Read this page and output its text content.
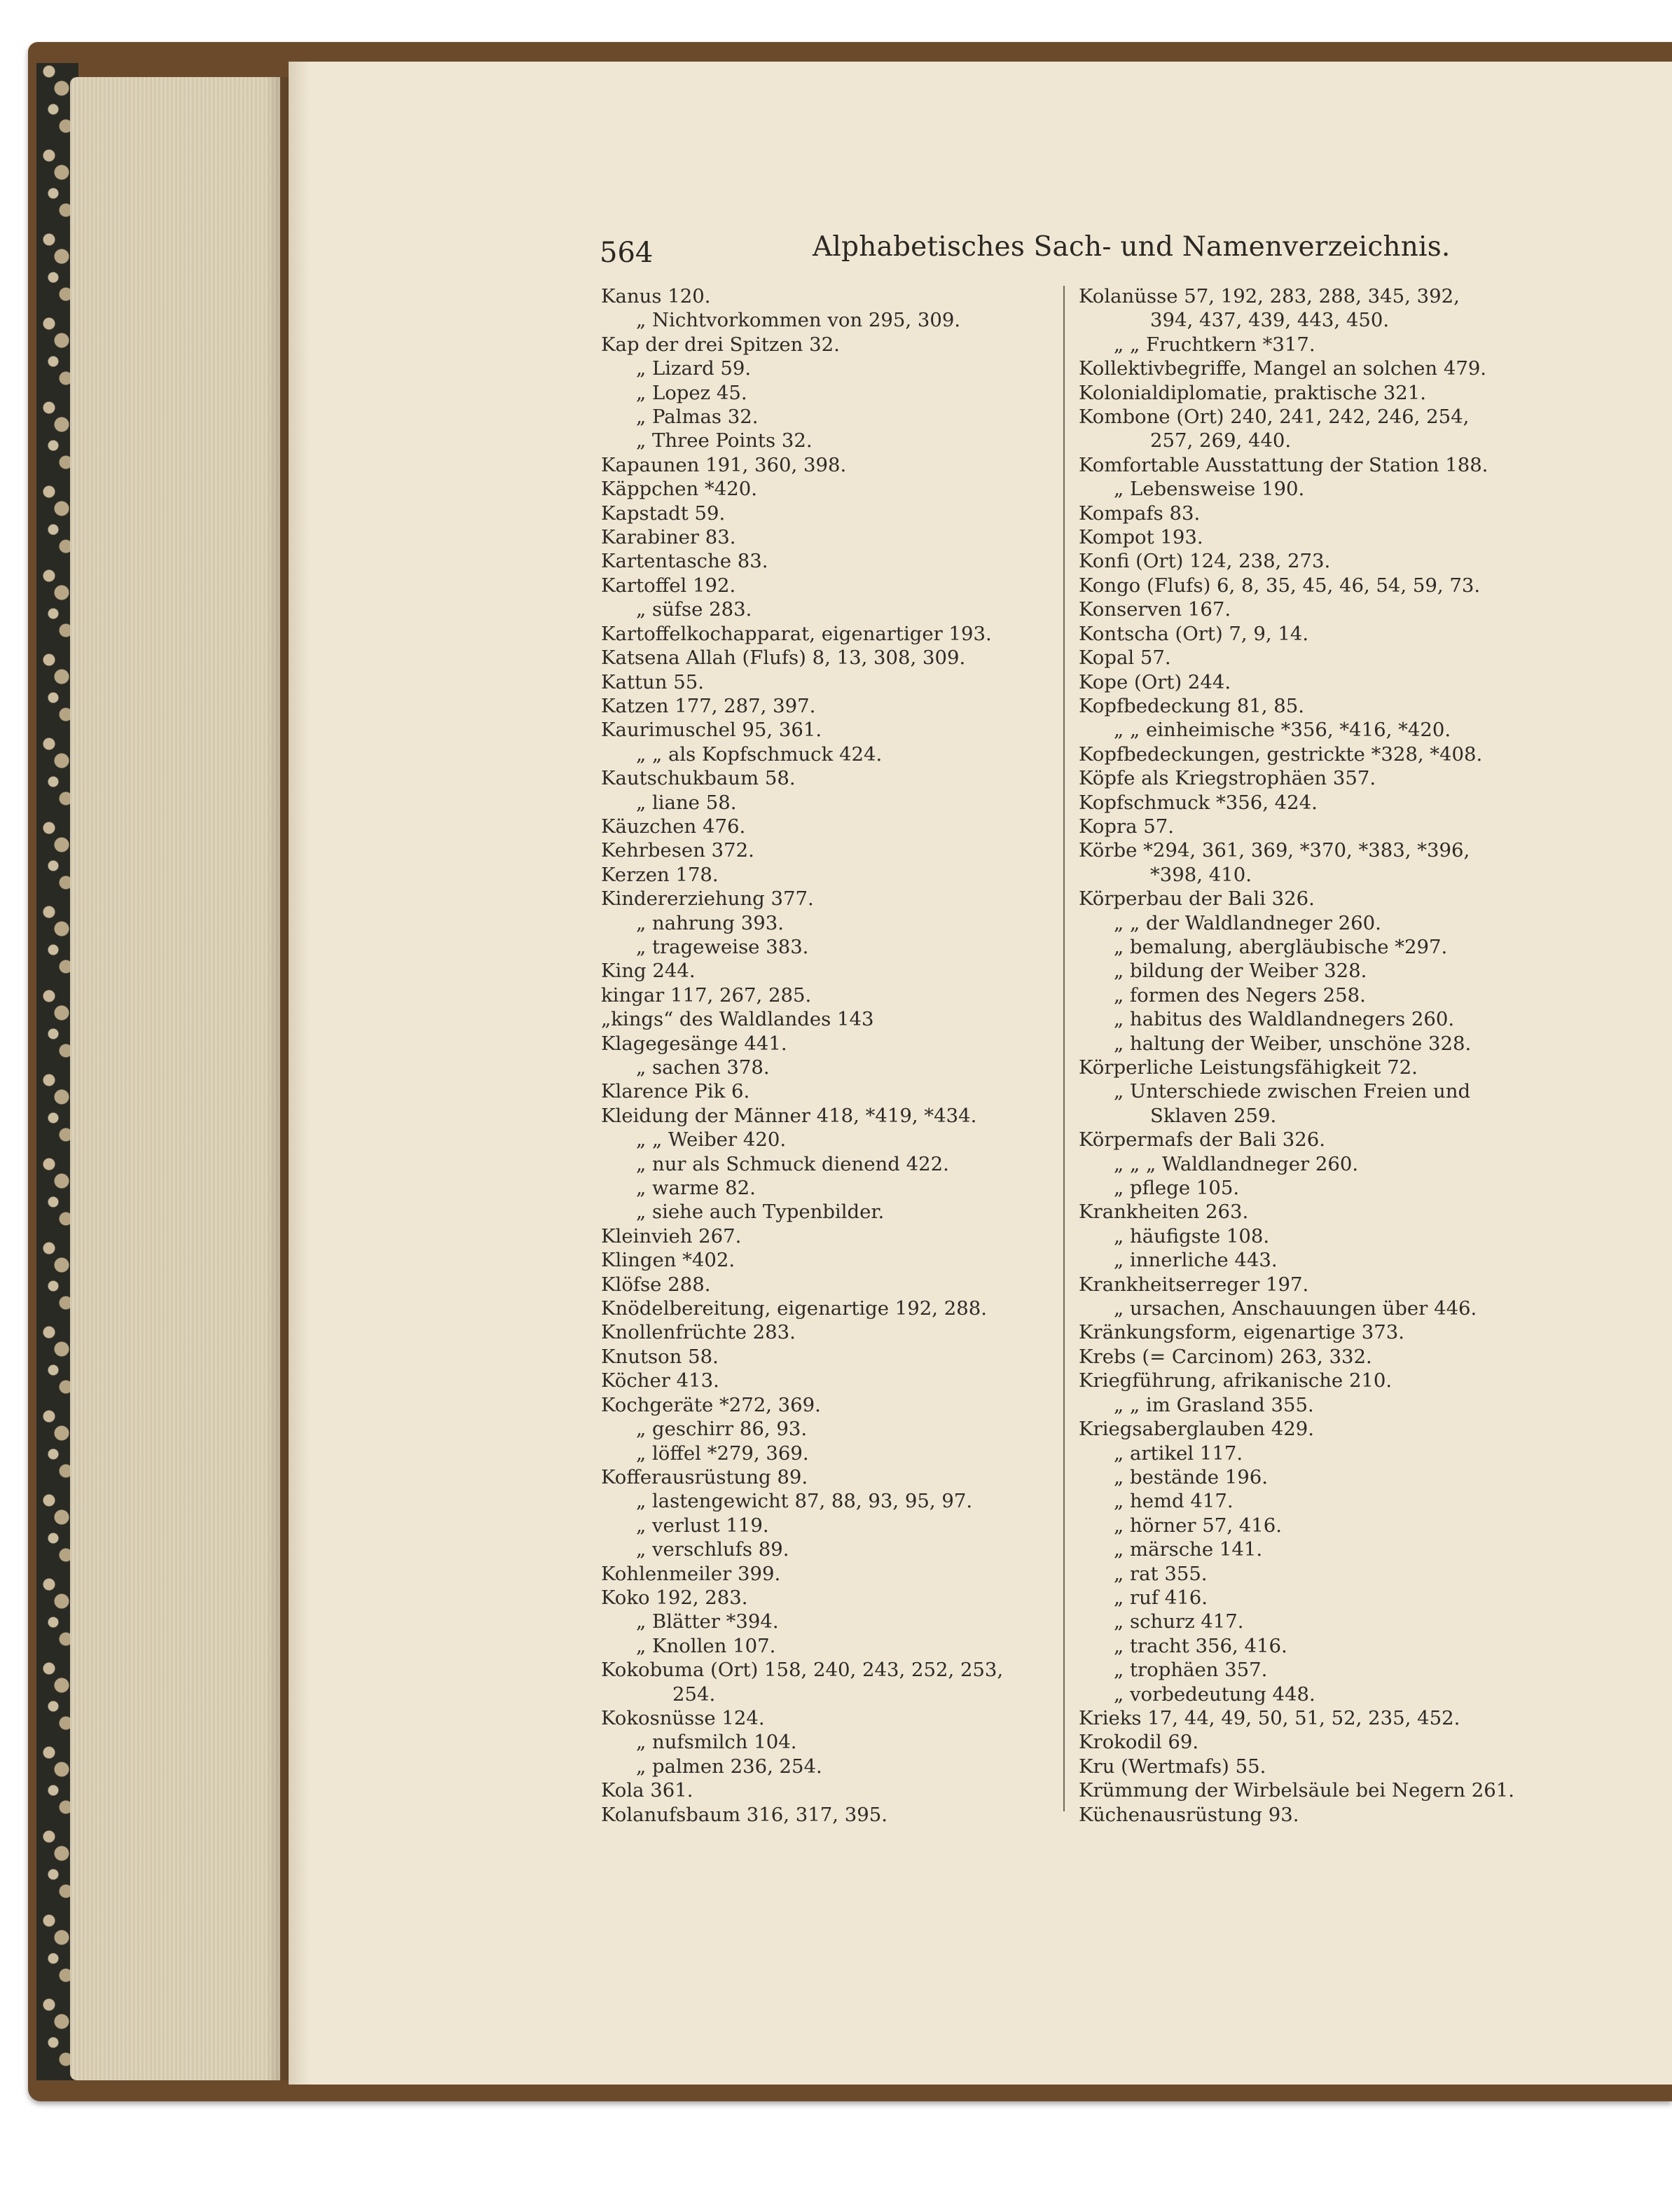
564	Alphabetisches Sach- und Namenverzeichnis.
Kanus 120.
„ Nichtvorkommen von 295, 309.
Kap der drei Spitzen 32.
„ Lizard 59.
„ Lopez 45.
„ Palmas 32.
„ Three Points 32.
Kapaunen 191, 360, 398.
Käppchen *420.
Kapstadt 59.
Karabiner 83.
Kartentasche 83.
Kartoffel 192.
„ süfse 283.
Kartoffelkochapparat, eigenartiger 193.
Katsena Allah (Flufs) 8, 13, 308, 309.
Kattun 55.
Katzen 177, 287, 397.
Kaurimuschel 95, 361.
„ „ als Kopfschmuck 424.
Kautschukbaum 58.
„ liane 58.
Käuzchen 476.
Kehrbesen 372.
Kerzen 178.
Kindererziehung 377.
„ nahrung 393.
„ trageweise 383.
King 244.
kingar 117, 267, 285.
„kings“ des Waldlandes 143
Klagegesänge 441.
„ sachen 378.
Klarence Pik 6.
Kleidung der Männer 418, *419, *434.
„ „ Weiber 420.
„ nur als Schmuck dienend 422.
„ warme 82.
„ siehe auch Typenbilder.
Kleinvieh 267.
Klingen *402.
Klöfse 288.
Knödelbereitung, eigenartige 192, 288.
Knollenfrüchte 283.
Knutson 58.
Köcher 413.
Kochgeräte *272, 369.
„ geschirr 86, 93.
„ löffel *279, 369.
Kofferausrüstung 89.
„ lastengewicht 87, 88, 93, 95, 97.
„ verlust 119.
„ verschlufs 89.
Kohlenmeiler 399.
Koko 192, 283.
„ Blätter *394.
„ Knollen 107.
Kokobuma (Ort) 158, 240, 243, 252, 253,
254.
Kokosnüsse 124.
„ nufsmilch 104.
„ palmen 236, 254.
Kola 361.
Kolanufsbaum 316, 317, 395.
Kolanüsse 57, 192, 283, 288, 345, 392,
394, 437, 439, 443, 450.
„ „ Fruchtkern *317.
Kollektivbegriffe, Mangel an solchen 479.
Kolonialdiplomatie, praktische 321.
Kombone (Ort) 240, 241, 242, 246, 254,
257, 269, 440.
Komfortable Ausstattung der Station 188.
„ Lebensweise 190.
Kompafs 83.
Kompot 193.
Konfi (Ort) 124, 238, 273.
Kongo (Flufs) 6, 8, 35, 45, 46, 54, 59, 73.
Konserven 167.
Kontscha (Ort) 7, 9, 14.
Kopal 57.
Kope (Ort) 244.
Kopfbedeckung 81, 85.
„ „ einheimische *356, *416, *420.
Kopfbedeckungen, gestrickte *328, *408.
Köpfe als Kriegstrophäen 357.
Kopfschmuck *356, 424.
Kopra 57.
Körbe *294, 361, 369, *370, *383, *396,
*398, 410.
Körperbau der Bali 326.
„ „ der Waldlandneger 260.
„ bemalung, abergläubische *297.
„ bildung der Weiber 328.
„ formen des Negers 258.
„ habitus des Waldlandnegers 260.
„ haltung der Weiber, unschöne 328.
Körperliche Leistungsfähigkeit 72.
„ Unterschiede zwischen Freien und
Sklaven 259.
Körpermafs der Bali 326.
„ „ „ Waldlandneger 260.
„ pflege 105.
Krankheiten 263.
„ häufigste 108.
„ innerliche 443.
Krankheitserreger 197.
„ ursachen, Anschauungen über 446.
Kränkungsform, eigenartige 373.
Krebs (= Carcinom) 263, 332.
Kriegführung, afrikanische 210.
„ „ im Grasland 355.
Kriegsaberglauben 429.
„ artikel 117.
„ bestände 196.
„ hemd 417.
„ hörner 57, 416.
„ märsche 141.
„ rat 355.
„ ruf 416.
„ schurz 417.
„ tracht 356, 416.
„ trophäen 357.
„ vorbedeutung 448.
Krieks 17, 44, 49, 50, 51, 52, 235, 452.
Krokodil 69.
Kru (Wertmafs) 55.
Krümmung der Wirbelsäule bei Negern 261.
Küchenausrüstung 93.
